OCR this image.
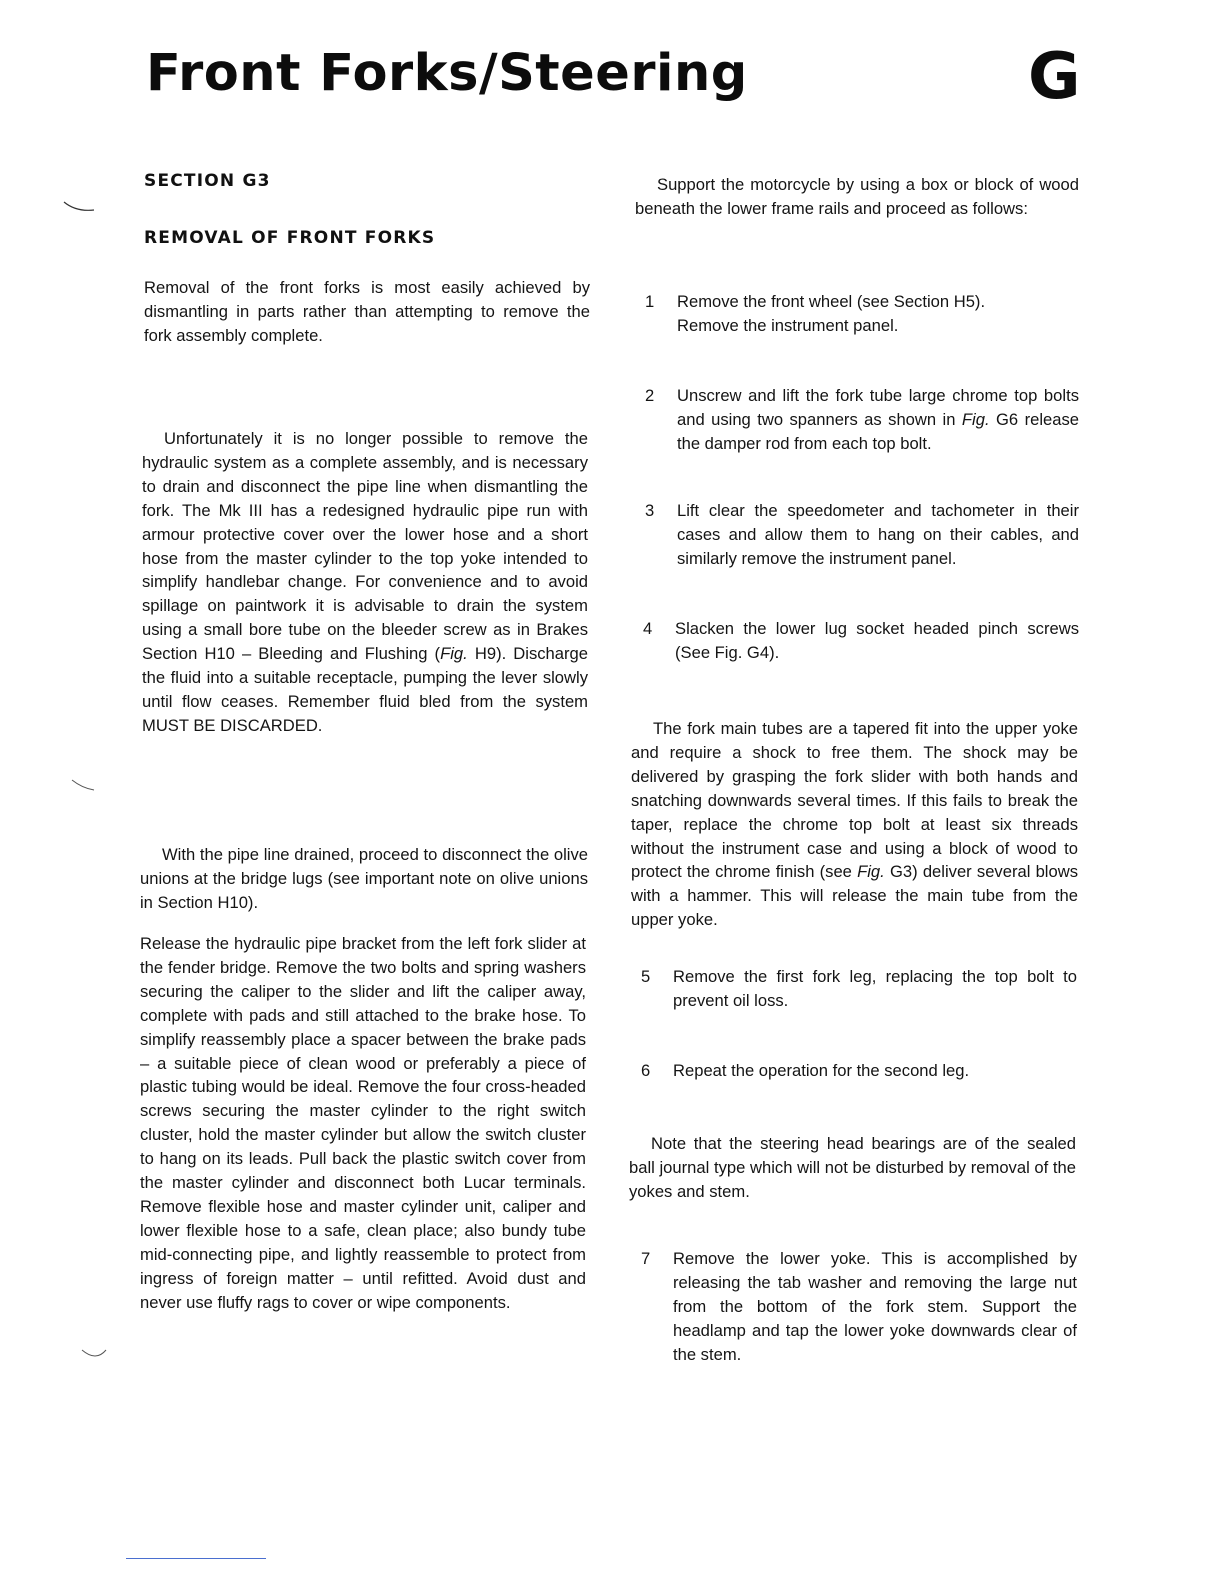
Front Forks/Steering	G
SECTION G3
REMOVAL OF FRONT FORKS

Removal of the front forks is most easily achieved by dismantling in parts rather than attempting to remove the fork assembly complete.

Unfortunately it is no longer possible to remove the hydraulic system as a complete assembly, and is necessary to drain and disconnect the pipe line when dismantling the fork. The Mk III has a redesigned hydraulic pipe run with armour protective cover over the lower hose and a short hose from the master cylinder to the top yoke intended to simplify handlebar change. For convenience and to avoid spillage on paintwork it is advisable to drain the system using a small bore tube on the bleeder screw as in Brakes Section H10 – Bleeding and Flushing (Fig. H9). Discharge the fluid into a suitable receptacle, pumping the lever slowly until flow ceases. Remember fluid bled from the system MUST BE DISCARDED.

With the pipe line drained, proceed to disconnect the olive unions at the bridge lugs (see important note on olive unions in Section H10).

Release the hydraulic pipe bracket from the left fork slider at the fender bridge. Remove the two bolts and spring washers securing the caliper to the slider and lift the caliper away, complete with pads and still attached to the brake hose. To simplify reassembly place a spacer between the brake pads – a suitable piece of clean wood or preferably a piece of plastic tubing would be ideal. Remove the four cross-headed screws securing the master cylinder to the right switch cluster, hold the master cylinder but allow the switch cluster to hang on its leads. Pull back the plastic switch cover from the master cylinder and disconnect both Lucar terminals. Remove flexible hose and master cylinder unit, caliper and lower flexible hose to a safe, clean place; also bundy tube mid-connecting pipe, and lightly reassemble to protect from ingress of foreign matter – until refitted. Avoid dust and never use fluffy rags to cover or wipe components.

Support the motorcycle by using a box or block of wood beneath the lower frame rails and proceed as follows:

1 Remove the front wheel (see Section H5).
Remove the instrument panel.
2 Unscrew and lift the fork tube large chrome top bolts and using two spanners as shown in Fig. G6 release the damper rod from each top bolt.
3 Lift clear the speedometer and tachometer in their cases and allow them to hang on their cables, and similarly remove the instrument panel.
4 Slacken the lower lug socket headed pinch screws (See Fig. G4).

The fork main tubes are a tapered fit into the upper yoke and require a shock to free them. The shock may be delivered by grasping the fork slider with both hands and snatching downwards several times. If this fails to break the taper, replace the chrome top bolt at least six threads without the instrument case and using a block of wood to protect the chrome finish (see Fig. G3) deliver several blows with a hammer. This will release the main tube from the upper yoke.

5 Remove the first fork leg, replacing the top bolt to prevent oil loss.
6 Repeat the operation for the second leg.

Note that the steering head bearings are of the sealed ball journal type which will not be disturbed by removal of the yokes and stem.

7 Remove the lower yoke. This is accomplished by releasing the tab washer and removing the large nut from the bottom of the fork stem. Support the headlamp and tap the lower yoke downwards clear of the stem.
